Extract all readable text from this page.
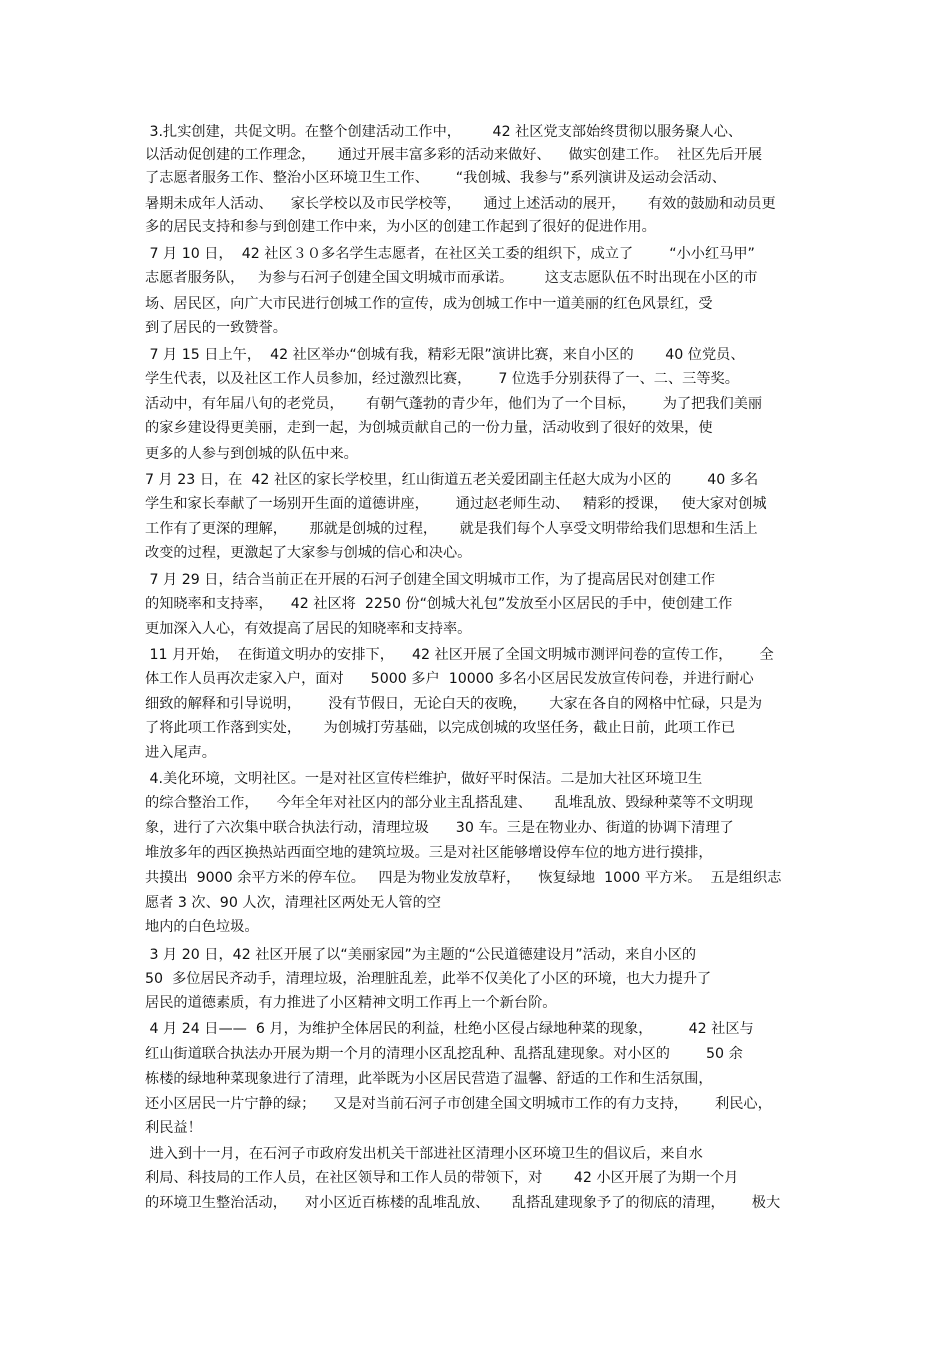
3.扎实创建，共促文明。在整个创建活动工作中，       42 社区党支部始终贯彻以服务聚人心、
以活动促创建的工作理念，     通过开展丰富多彩的活动来做好、    做实创建工作。  社区先后开展
了志愿者服务工作、整治小区环境卫生工作、      “我创城、我参与”系列演讲及运动会活动、
暑期未成年人活动、    家长学校以及市民学校等，     通过上述活动的展开，     有效的鼓励和动员更
多的居民支持和参与到创建工作中来，为小区的创建工作起到了很好的促进作用。
7 月 10 日，  42 社区３０多名学生志愿者，在社区关工委的组织下，成立了        “小小红马甲”
志愿者服务队，   为参与石河子创建全国文明城市而承诺。       这支志愿队伍不时出现在小区的市
场、居民区，向广大市民进行创城工作的宣传，成为创城工作中一道美丽的红色风景红，受
到了居民的一致赞誉。
7 月 15 日上午，  42 社区举办“创城有我，精彩无限”演讲比赛，来自小区的       40 位党员、
学生代表，以及社区工作人员参加，经过激烈比赛，      7 位选手分别获得了一、二、三等奖。
活动中，有年届八旬的老党员，     有朝气蓬勃的青少年，他们为了一个目标，      为了把我们美丽
的家乡建设得更美丽，走到一起，为创城贡献自己的一份力量，活动收到了很好的效果，使
更多的人参与到创城的队伍中来。
7 月 23 日，在  42 社区的家长学校里，红山街道五老关爱团副主任赵大成为小区的        40 多名
学生和家长奉献了一场别开生面的道德讲座，      通过赵老师生动、   精彩的授课，   使大家对创城
工作有了更深的理解，     那就是创城的过程，     就是我们每个人享受文明带给我们思想和生活上
改变的过程，更激起了大家参与创城的信心和决心。
7 月 29 日，结合当前正在开展的石河子创建全国文明城市工作，为了提高居民对创建工作
的知晓率和支持率，    42 社区将  2250 份“创城大礼包”发放至小区居民的手中，使创建工作
更加深入人心，有效提高了居民的知晓率和支持率。
11 月开始，  在街道文明办的安排下，    42 社区开展了全国文明城市测评问卷的宣传工作，      全
体工作人员再次走家入户，面对      5000 多户  10000 多名小区居民发放宣传问卷，并进行耐心
细致的解释和引导说明，      没有节假日，无论白天的夜晚，     大家在各自的网格中忙碌，只是为
了将此项工作落到实处，     为创城打劳基础，以完成创城的攻坚任务，截止日前，此项工作已
进入尾声。
4.美化环境，文明社区。一是对社区宣传栏维护，做好平时保洁。二是加大社区环境卫生
的综合整治工作，    今年全年对社区内的部分业主乱搭乱建、     乱堆乱放、毁绿种菜等不文明现
象，进行了六次集中联合执法行动，清理垃圾      30 车。三是在物业办、街道的协调下清理了
堆放多年的西区换热站西面空地的建筑垃圾。三是对社区能够增设停车位的地方进行摸排，
共摸出  9000 余平方米的停车位。   四是为物业发放草籽，    恢复绿地  1000 平方米。  五是组织志
愿者 3 次、90 人次，清理社区两处无人管的空
地内的白色垃圾。
3 月 20 日，42 社区开展了以“美丽家园”为主题的“公民道德建设月”活动，来自小区的
50  多位居民齐动手，清理垃圾，治理脏乱差，此举不仅美化了小区的环境，也大力提升了
居民的道德素质，有力推进了小区精神文明工作再上一个新台阶。
4 月 24 日——  6 月，为维护全体居民的利益，杜绝小区侵占绿地种菜的现象，        42 社区与
红山街道联合执法办开展为期一个月的清理小区乱挖乱种、乱搭乱建现象。对小区的        50 余
栋楼的绿地种菜现象进行了清理，此举既为小区居民营造了温馨、舒适的工作和生活氛围，
还小区居民一片宁静的绿；    又是对当前石河子市创建全国文明城市工作的有力支持，      利民心，
利民益！
进入到十一月，在石河子市政府发出机关干部进社区清理小区环境卫生的倡议后，来自水
利局、科技局的工作人员，在社区领导和工作人员的带领下，对       42 小区开展了为期一个月
的环境卫生整治活动，    对小区近百栋楼的乱堆乱放、     乱搭乱建现象予了的彻底的清理，      极大
